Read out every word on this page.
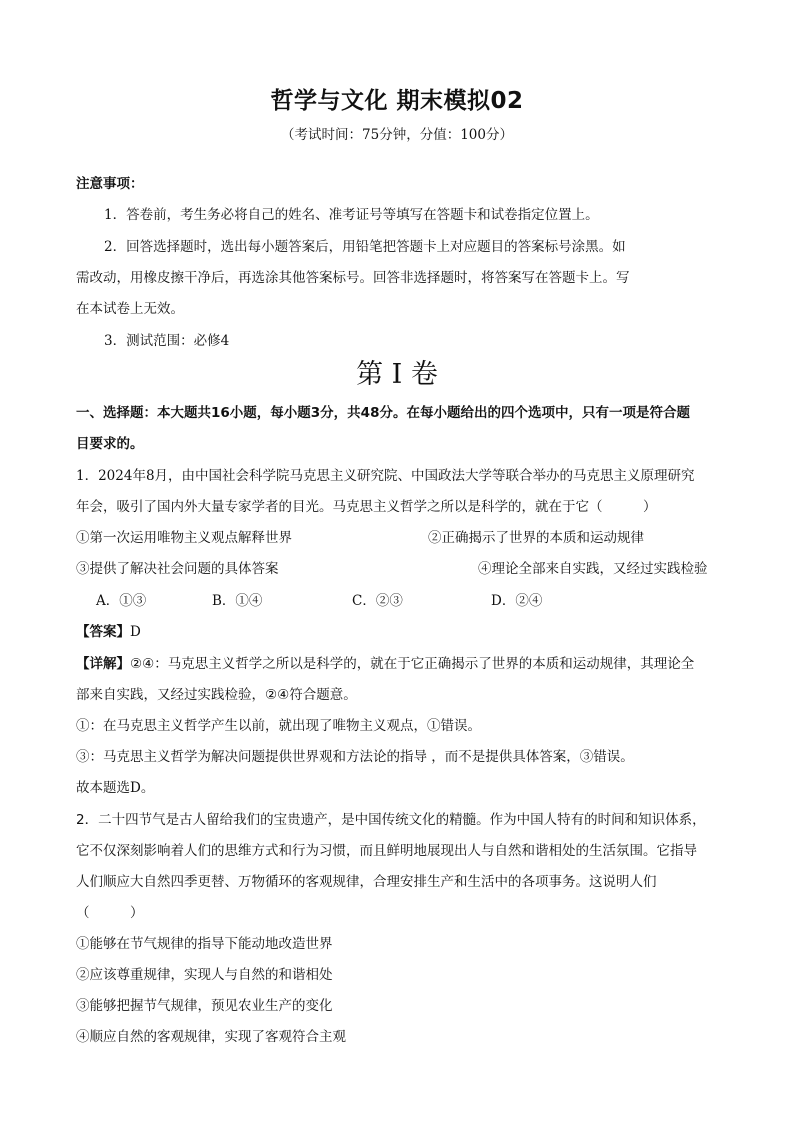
哲学与文化 期末模拟02
（考试时间：75分钟，分值：100分）
注意事项：
1．答卷前，考生务必将自己的姓名、准考证号等填写在答题卡和试卷指定位置上。
2．回答选择题时，选出每小题答案后，用铅笔把答题卡上对应题目的答案标号涂黑。如
需改动，用橡皮擦干净后，再选涂其他答案标号。回答非选择题时，将答案写在答题卡上。写
在本试卷上无效。
3．测试范围：必修4
第 I 卷
一、选择题：本大题共16小题，每小题3分，共48分。在每小题给出的四个选项中，只有一项是符合题
目要求的。
1．2024年8月，由中国社会科学院马克思主义研究院、中国政法大学等联合举办的马克思主义原理研究
年会，吸引了国内外大量专家学者的目光。马克思主义哲学之所以是科学的，就在于它（　　　）
①第一次运用唯物主义观点解释世界	②正确揭示了世界的本质和运动规律
③提供了解决社会问题的具体答案	④理论全部来自实践，又经过实践检验
A．①③	B．①④	C．②③	D．②④
【答案】D
【详解】②④：马克思主义哲学之所以是科学的，就在于它正确揭示了世界的本质和运动规律，其理论全
部来自实践，又经过实践检验，②④符合题意。
①：在马克思主义哲学产生以前，就出现了唯物主义观点，①错误。
③：马克思主义哲学为解决问题提供世界观和方法论的指导 ，而不是提供具体答案，③错误。
故本题选D。
2．二十四节气是古人留给我们的宝贵遗产，是中国传统文化的精髓。作为中国人特有的时间和知识体系，
它不仅深刻影响着人们的思维方式和行为习惯，而且鲜明地展现出人与自然和谐相处的生活氛围。它指导
人们顺应大自然四季更替、万物循环的客观规律，合理安排生产和生活中的各项事务。这说明人们
（　　　）
①能够在节气规律的指导下能动地改造世界
②应该尊重规律，实现人与自然的和谐相处
③能够把握节气规律，预见农业生产的变化
④顺应自然的客观规律，实现了客观符合主观
